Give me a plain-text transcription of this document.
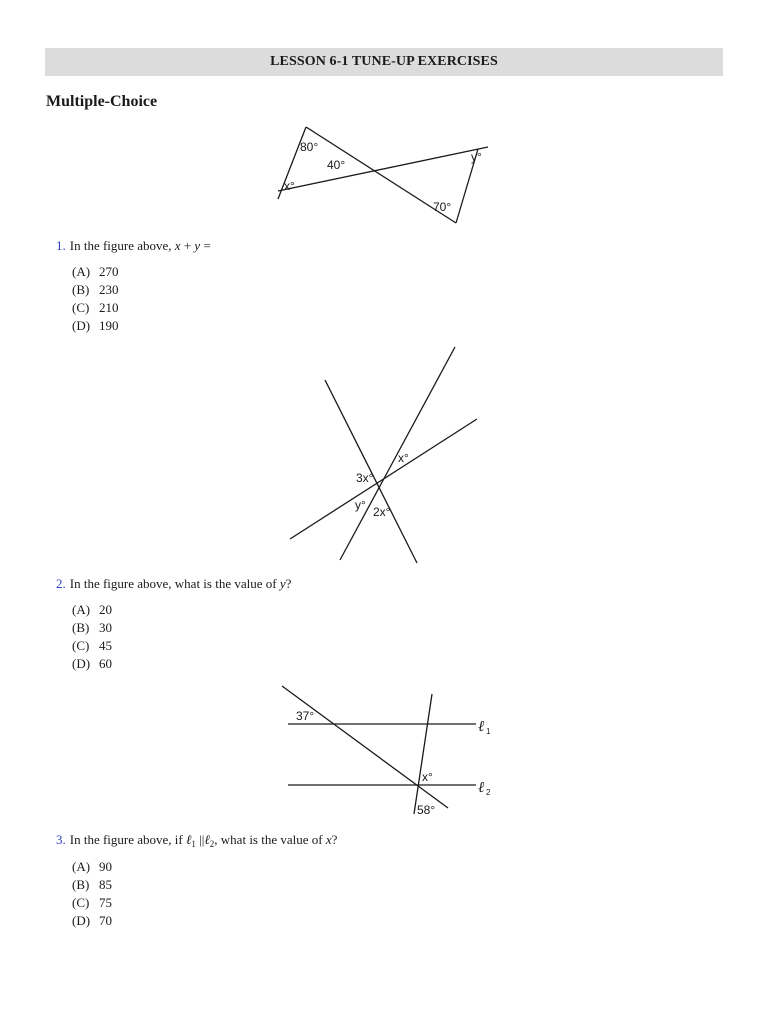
LESSON 6-1 TUNE-UP EXERCISES
Multiple-Choice
80°
40°
x°
y°
70°
1. In the figure above, x + y =
(A) 270
(B) 230
(C) 210
(D) 190
x°
3x°
y° 2x°
2. In the figure above, what is the value of y?
(A) 20
(B) 30
(C) 45
(D) 60
37°
x°
58°
ℓ 1
ℓ 2
3. In the figure above, if ℓ$_1$ ||ℓ$_2$, what is the value of x?
(A) 90
(B) 85
(C) 75
(D) 70
